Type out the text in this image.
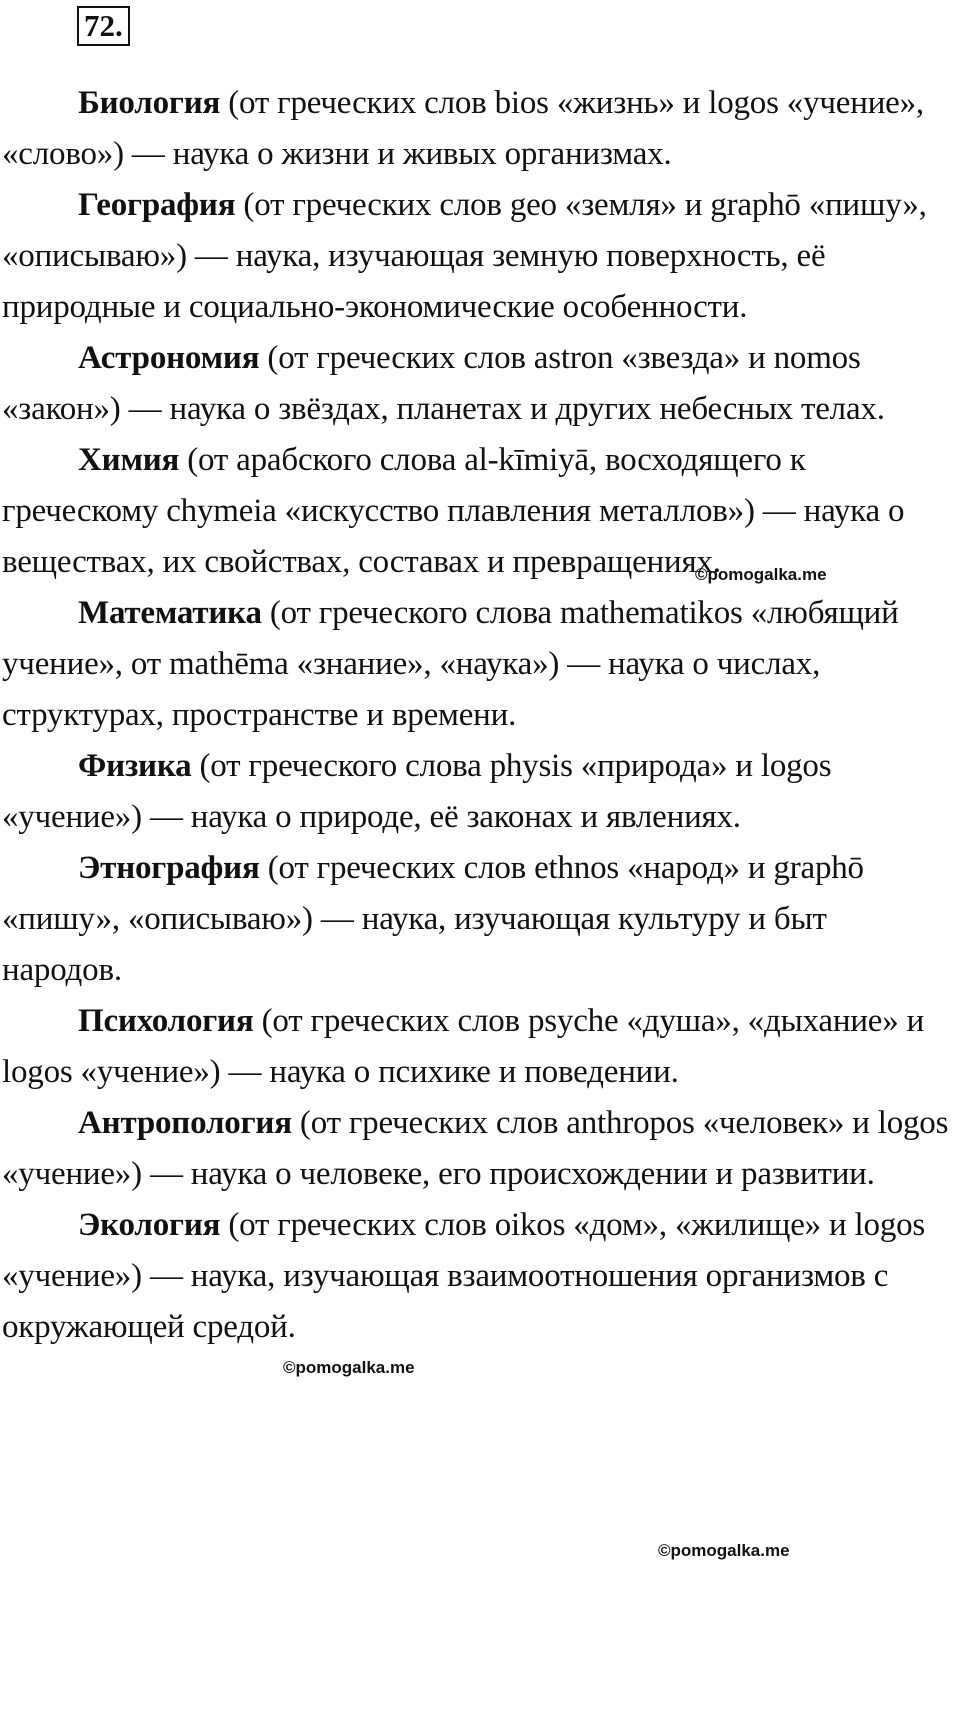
72.

Биология (от греческих слов bios «жизнь» и logos «учение», «слово») — наука о жизни и живых организмах.

География (от греческих слов geo «земля» и graphō «пишу», «описываю») — наука, изучающая земную поверхность, её природные и социально-экономические особенности.

Астрономия (от греческих слов astron «звезда» и nomos «закон») — наука о звёздах, планетах и других небесных телах.

Химия (от арабского слова al-kīmiyā, восходящего к греческому chymeia «искусство плавления металлов») — наука о веществах, их свойствах, составах и превращениях.

Математика (от греческого слова mathematikos «любящий учение», от mathēma «знание», «наука») — наука о числах, структурах, пространстве и времени.

Физика (от греческого слова physis «природа» и logos «учение») — наука о природе, её законах и явлениях.

Этнография (от греческих слов ethnos «народ» и graphō «пишу», «описываю») — наука, изучающая культуру и быт народов.

Психология (от греческих слов psyche «душа», «дыхание» и logos «учение») — наука о психике и поведении.

Антропология (от греческих слов anthropos «человек» и logos «учение») — наука о человеке, его происхождении и развитии.

Экология (от греческих слов oikos «дом», «жилище» и logos «учение») — наука, изучающая взаимоотношения организмов с окружающей средой.

©pomogalka.me
©pomogalka.me
©pomogalka.me
